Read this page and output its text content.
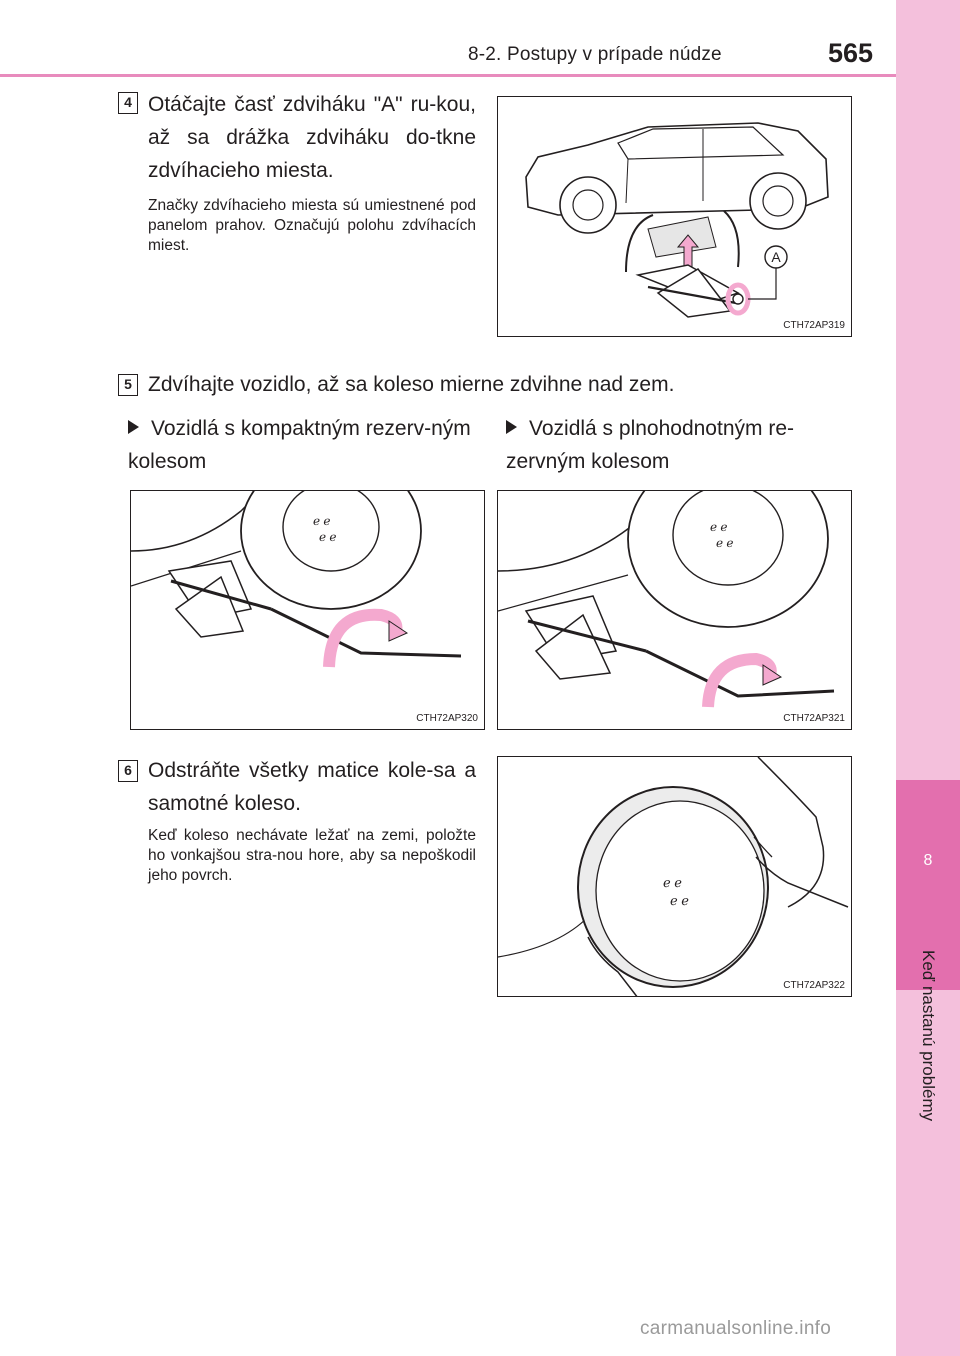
8-2. Postupy v prípade núdze	565
8
Keď nastanú problémy
4 Otáčajte časť zdviháku "A" ru-kou, až sa drážka zdviháku do-tkne zdvíhacieho miesta.
Značky zdvíhacieho miesta sú umiestnené pod panelom prahov. Označujú polohu zdvíhacích miest.
A
CTH72AP319
5 Zdvíhajte vozidlo, až sa koleso mierne zdvihne nad zem.
Vozidlá s kompaktným rezerv-ným kolesom
Vozidlá s plnohodnotným re-zervným kolesom
ℯ ℯ
ℯ ℯ
CTH72AP320
ℯ ℯ
ℯ ℯ
CTH72AP321
6 Odstráňte všetky matice kole-sa a samotné koleso.
Keď koleso nechávate ležať na zemi, položte ho vonkajšou stra-nou hore, aby sa nepoškodil jeho povrch.	ℯ ℯ
ℯ ℯ
CTH72AP322
carmanualsonline.info
